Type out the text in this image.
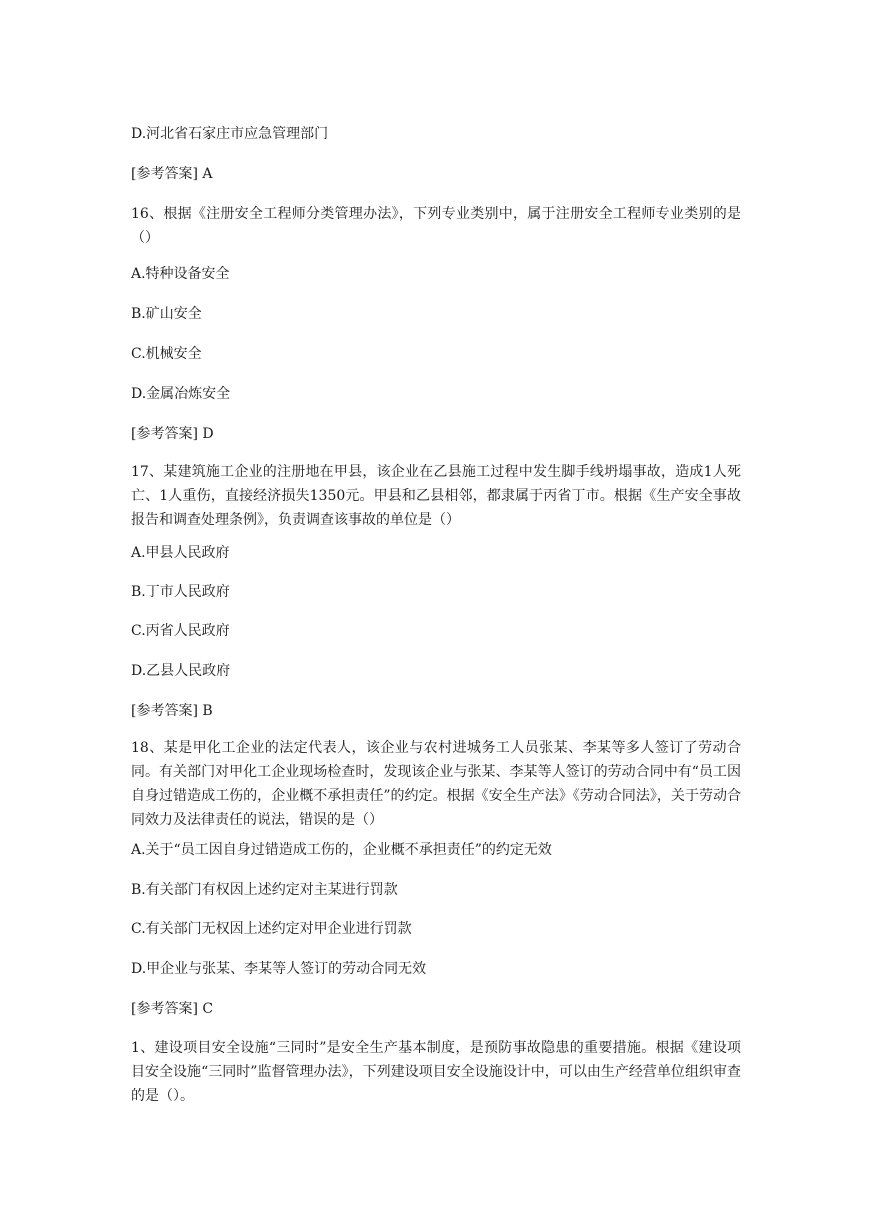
D.河北省石家庄市应急管理部门

[参考答案] A

16、根据《注册安全工程师分类管理办法》，下列专业类别中，属于注册安全工程师专业类别的是（）

A.特种设备安全

B.矿山安全

C.机械安全

D.金属冶炼安全

[参考答案] D

17、某建筑施工企业的注册地在甲县，该企业在乙县施工过程中发生脚手线坍塌事故，造成1人死亡、1人重伤，直接经济损失1350元。甲县和乙县相邻，都隶属于丙省丁市。根据《生产安全事故报告和调查处理条例》，负责调查该事故的单位是（）

A.甲县人民政府

B.丁市人民政府

C.丙省人民政府

D.乙县人民政府

[参考答案] B

18、某是甲化工企业的法定代表人，该企业与农村进城务工人员张某、李某等多人签订了劳动合同。有关部门对甲化工企业现场检查时，发现该企业与张某、李某等人签订的劳动合同中有“员工因自身过错造成工伤的，企业概不承担责任”的约定。根据《安全生产法》《劳动合同法》，关于劳动合同效力及法律责任的说法，错误的是（）

A.关于“员工因自身过错造成工伤的，企业概不承担责任”的约定无效

B.有关部门有权因上述约定对主某进行罚款

C.有关部门无权因上述约定对甲企业进行罚款

D.甲企业与张某、李某等人签订的劳动合同无效

[参考答案] C

1、建设项目安全设施“三同时”是安全生产基本制度，是预防事故隐患的重要措施。根据《建设项目安全设施“三同时”监督管理办法》，下列建设项目安全设施设计中，可以由生产经营单位组织审查的是（）。
